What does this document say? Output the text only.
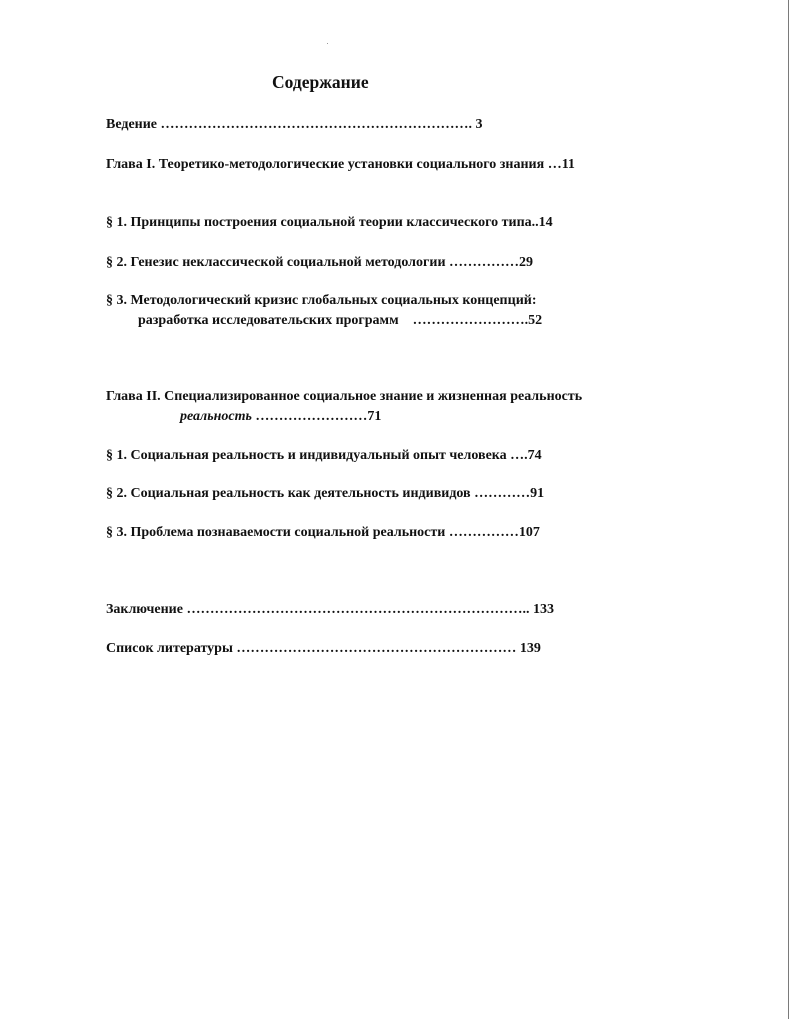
Содержание

Ведение …………………………………………………………. 3

Глава I. Теоретико-методологические установки социального знания …11

§ 1. Принципы построения социальной теории классического типа..14

§ 2. Генезис неклассической социальной методологии ……………29

§ 3. Методологический кризис глобальных социальных концепций:

разработка исследовательских программ    …………………….52

Глава II. Специализированное социальное знание и жизненная реальность

реальность ……………………71

§ 1. Социальная реальность и индивидуальный опыт человека ….74

§ 2. Социальная реальность как деятельность индивидов …………91

§ 3. Проблема познаваемости социальной реальности ……………107

Заключение ……………………………………………………………….. 133

Список литературы …………………………………………………… 139
